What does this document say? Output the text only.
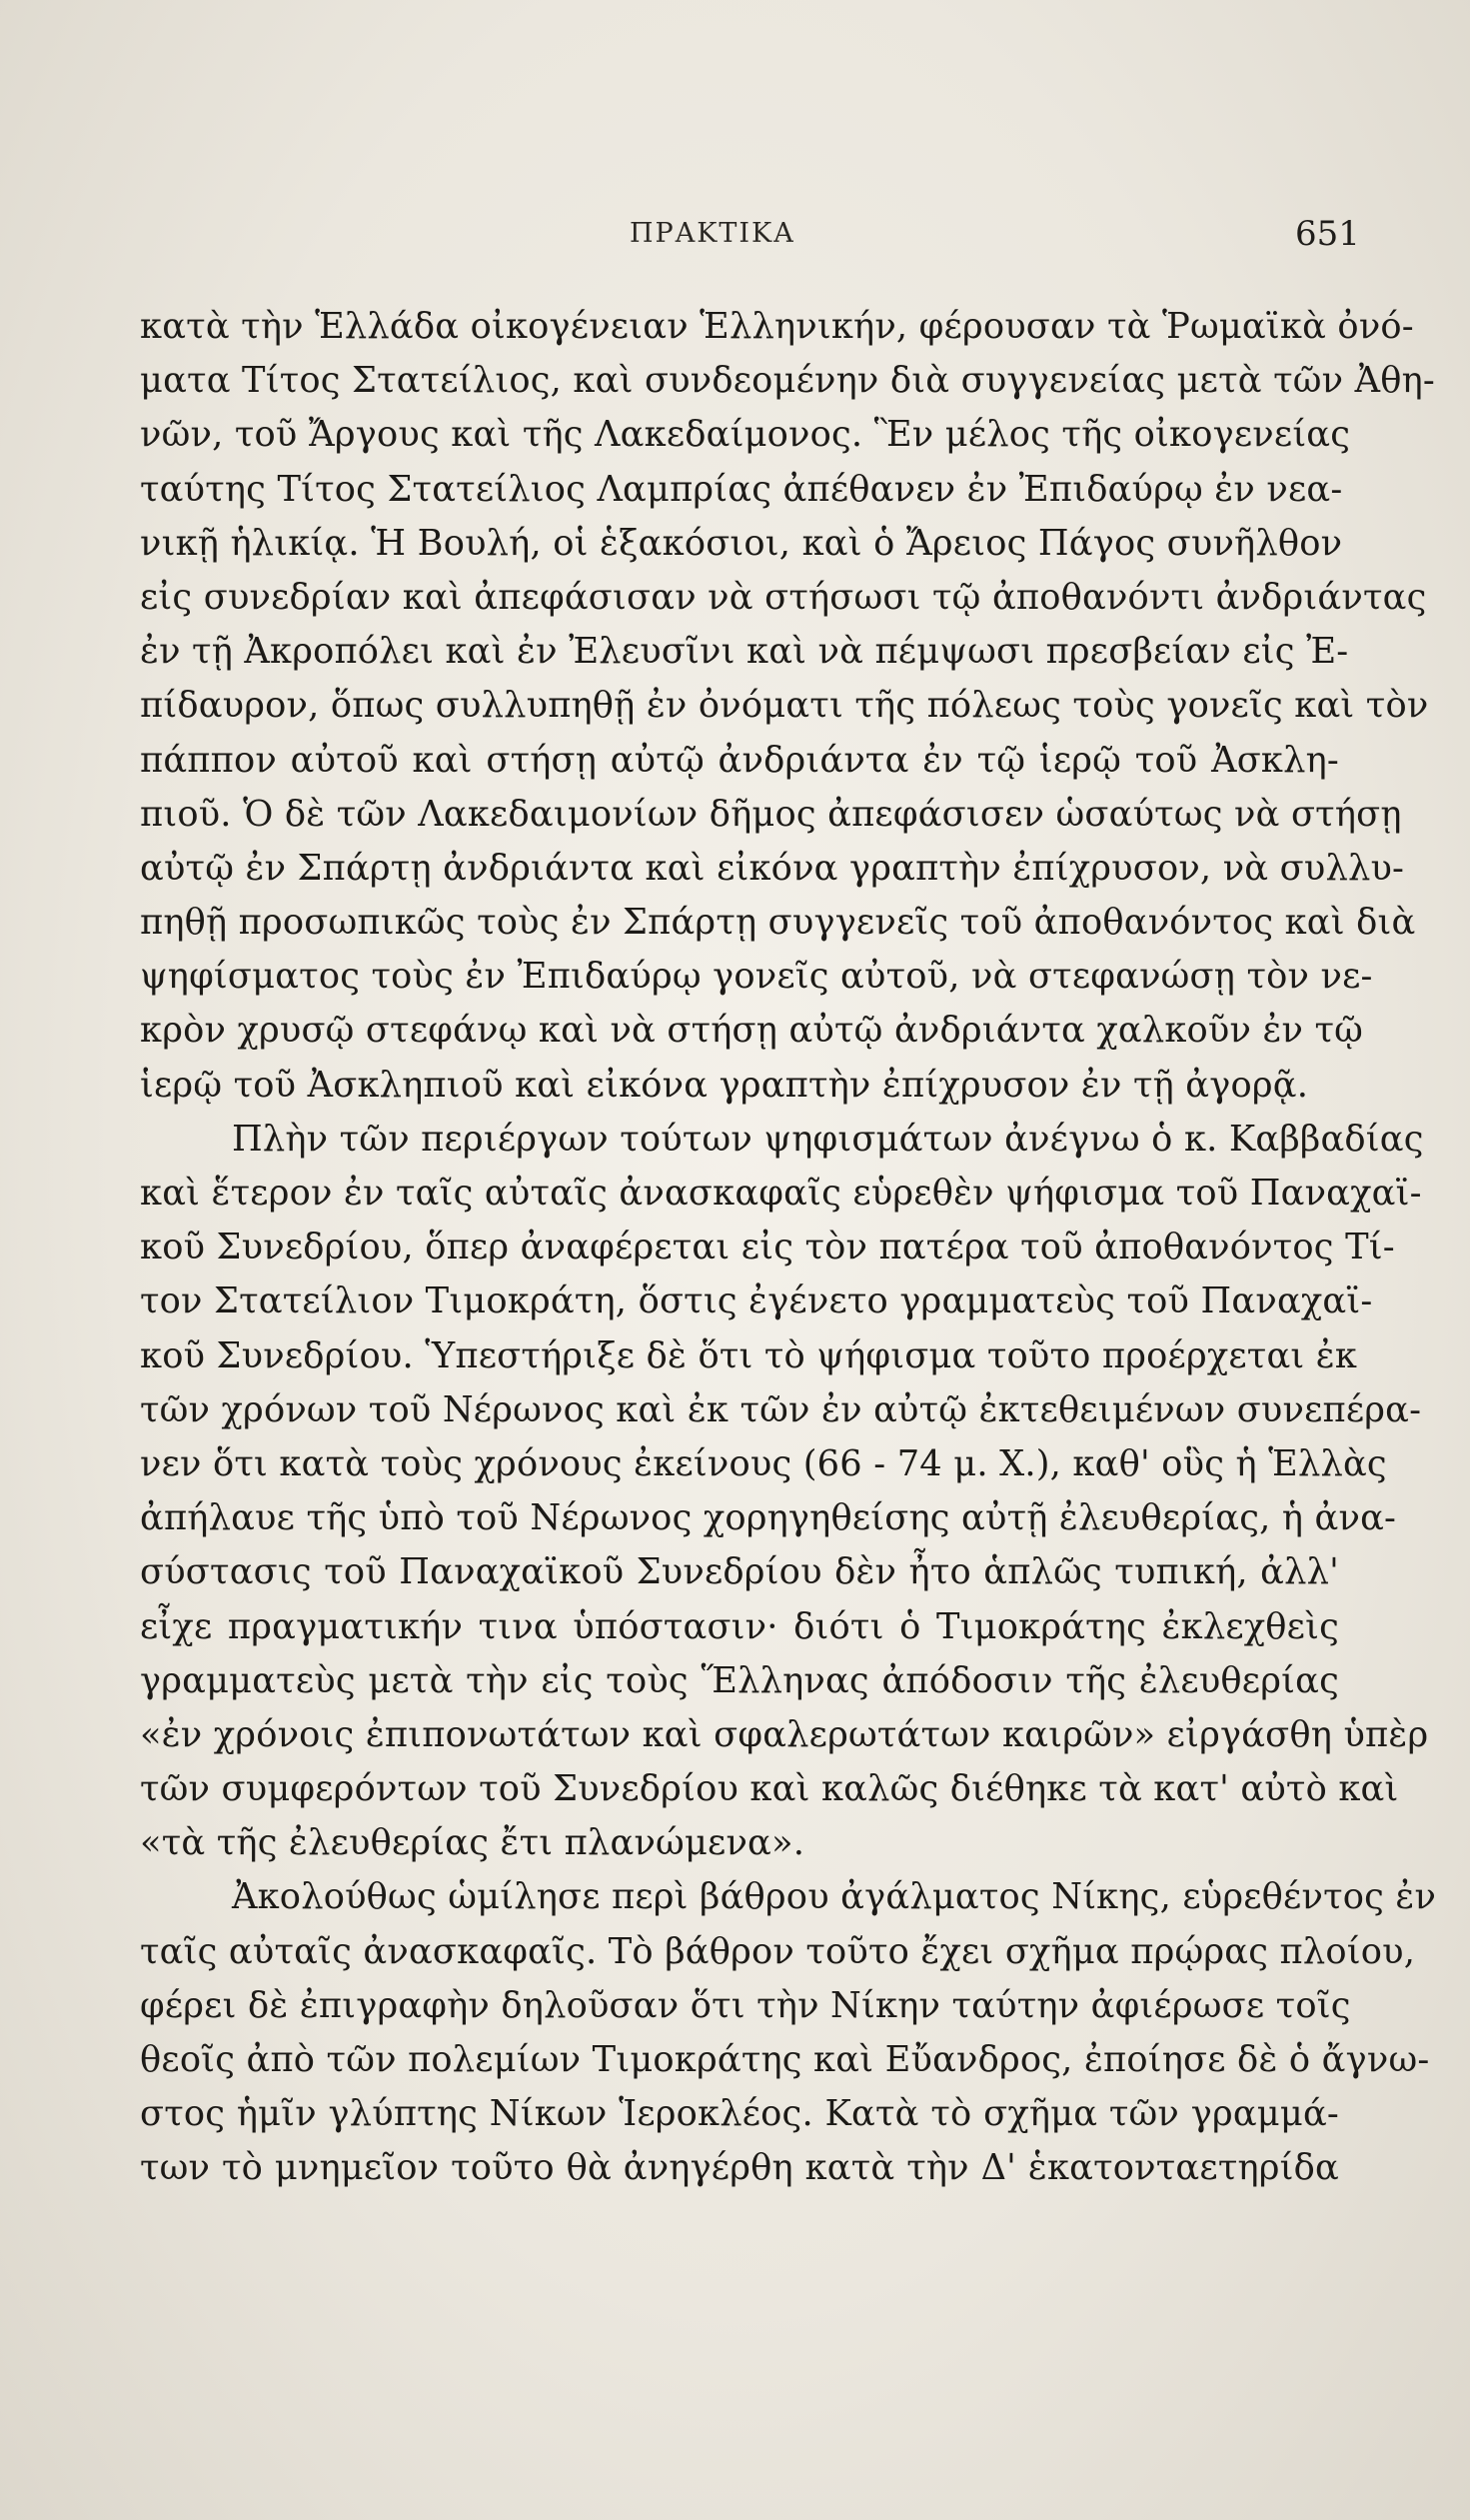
ΠΡΑΚΤΙΚΑ	651
κατὰ τὴν Ἑλλάδα οἰκογένειαν Ἑλληνικήν, φέρουσαν τὰ Ῥωμαϊκὰ ὀνό-
ματα Τίτος Στατείλιος, καὶ συνδεομένην διὰ συγγενείας μετὰ τῶν Ἀθη-
νῶν, τοῦ Ἄργους καὶ τῆς Λακεδαίμονος. Ἓν μέλος τῆς οἰκογενείας
ταύτης Τίτος Στατείλιος Λαμπρίας ἀπέθανεν ἐν Ἐπιδαύρῳ ἐν νεα-
νικῇ ἡλικίᾳ. Ἡ Βουλή, οἱ ἑξακόσιοι, καὶ ὁ Ἄρειος Πάγος συνῆλθον
εἰς συνεδρίαν καὶ ἀπεφάσισαν νὰ στήσωσι τῷ ἀποθανόντι ἀνδριάντας
ἐν τῇ Ἀκροπόλει καὶ ἐν Ἐλευσῖνι καὶ νὰ πέμψωσι πρεσβείαν εἰς Ἐ-
πίδαυρον, ὅπως συλλυπηθῇ ἐν ὀνόματι τῆς πόλεως τοὺς γονεῖς καὶ τὸν
πάππον αὐτοῦ καὶ στήσῃ αὐτῷ ἀνδριάντα ἐν τῷ ἱερῷ τοῦ Ἀσκλη-
πιοῦ. Ὁ δὲ τῶν Λακεδαιμονίων δῆμος ἀπεφάσισεν ὡσαύτως νὰ στήσῃ
αὐτῷ ἐν Σπάρτῃ ἀνδριάντα καὶ εἰκόνα γραπτὴν ἐπίχρυσον, νὰ συλλυ-
πηθῇ προσωπικῶς τοὺς ἐν Σπάρτῃ συγγενεῖς τοῦ ἀποθανόντος καὶ διὰ
ψηφίσματος τοὺς ἐν Ἐπιδαύρῳ γονεῖς αὐτοῦ, νὰ στεφανώσῃ τὸν νε-
κρὸν χρυσῷ στεφάνῳ καὶ νὰ στήσῃ αὐτῷ ἀνδριάντα χαλκοῦν ἐν τῷ
ἱερῷ τοῦ Ἀσκληπιοῦ καὶ εἰκόνα γραπτὴν ἐπίχρυσον ἐν τῇ ἀγορᾷ.
Πλὴν τῶν περιέργων τούτων ψηφισμάτων ἀνέγνω ὁ κ. Καββαδίας
καὶ ἕτερον ἐν ταῖς αὐταῖς ἀνασκαφαῖς εὑρεθὲν ψήφισμα τοῦ Παναχαϊ-
κοῦ Συνεδρίου, ὅπερ ἀναφέρεται εἰς τὸν πατέρα τοῦ ἀποθανόντος Τί-
τον Στατείλιον Τιμοκράτη, ὅστις ἐγένετο γραμματεὺς τοῦ Παναχαϊ-
κοῦ Συνεδρίου. Ὑπεστήριξε δὲ ὅτι τὸ ψήφισμα τοῦτο προέρχεται ἐκ
τῶν χρόνων τοῦ Νέρωνος καὶ ἐκ τῶν ἐν αὐτῷ ἐκτεθειμένων συνεπέρα-
νεν ὅτι κατὰ τοὺς χρόνους ἐκείνους (66 - 74 μ. Χ.), καθ' οὓς ἡ Ἑλλὰς
ἀπήλαυε τῆς ὑπὸ τοῦ Νέρωνος χορηγηθείσης αὐτῇ ἐλευθερίας, ἡ ἀνα-
σύστασις τοῦ Παναχαϊκοῦ Συνεδρίου δὲν ἦτο ἁπλῶς τυπική, ἀλλ'
εἶχε πραγματικήν τινα ὑπόστασιν· διότι ὁ Τιμοκράτης ἐκλεχθεὶς
γραμματεὺς μετὰ τὴν εἰς τοὺς Ἕλληνας ἀπόδοσιν τῆς ἐλευθερίας
«ἐν χρόνοις ἐπιπονωτάτων καὶ σφαλερωτάτων καιρῶν» εἰργάσθη ὑπὲρ
τῶν συμφερόντων τοῦ Συνεδρίου καὶ καλῶς διέθηκε τὰ κατ' αὐτὸ καὶ
«τὰ τῆς ἐλευθερίας ἔτι πλανώμενα».
Ἀκολούθως ὡμίλησε περὶ βάθρου ἀγάλματος Νίκης, εὑρεθέντος ἐν
ταῖς αὐταῖς ἀνασκαφαῖς. Τὸ βάθρον τοῦτο ἔχει σχῆμα πρῴρας πλοίου,
φέρει δὲ ἐπιγραφὴν δηλοῦσαν ὅτι τὴν Νίκην ταύτην ἀφιέρωσε τοῖς
θεοῖς ἀπὸ τῶν πολεμίων Τιμοκράτης καὶ Εὔανδρος, ἐποίησε δὲ ὁ ἄγνω-
στος ἡμῖν γλύπτης Νίκων Ἱεροκλέος. Κατὰ τὸ σχῆμα τῶν γραμμά-
των τὸ μνημεῖον τοῦτο θὰ ἀνηγέρθη κατὰ τὴν Δ' ἑκατονταετηρίδα
